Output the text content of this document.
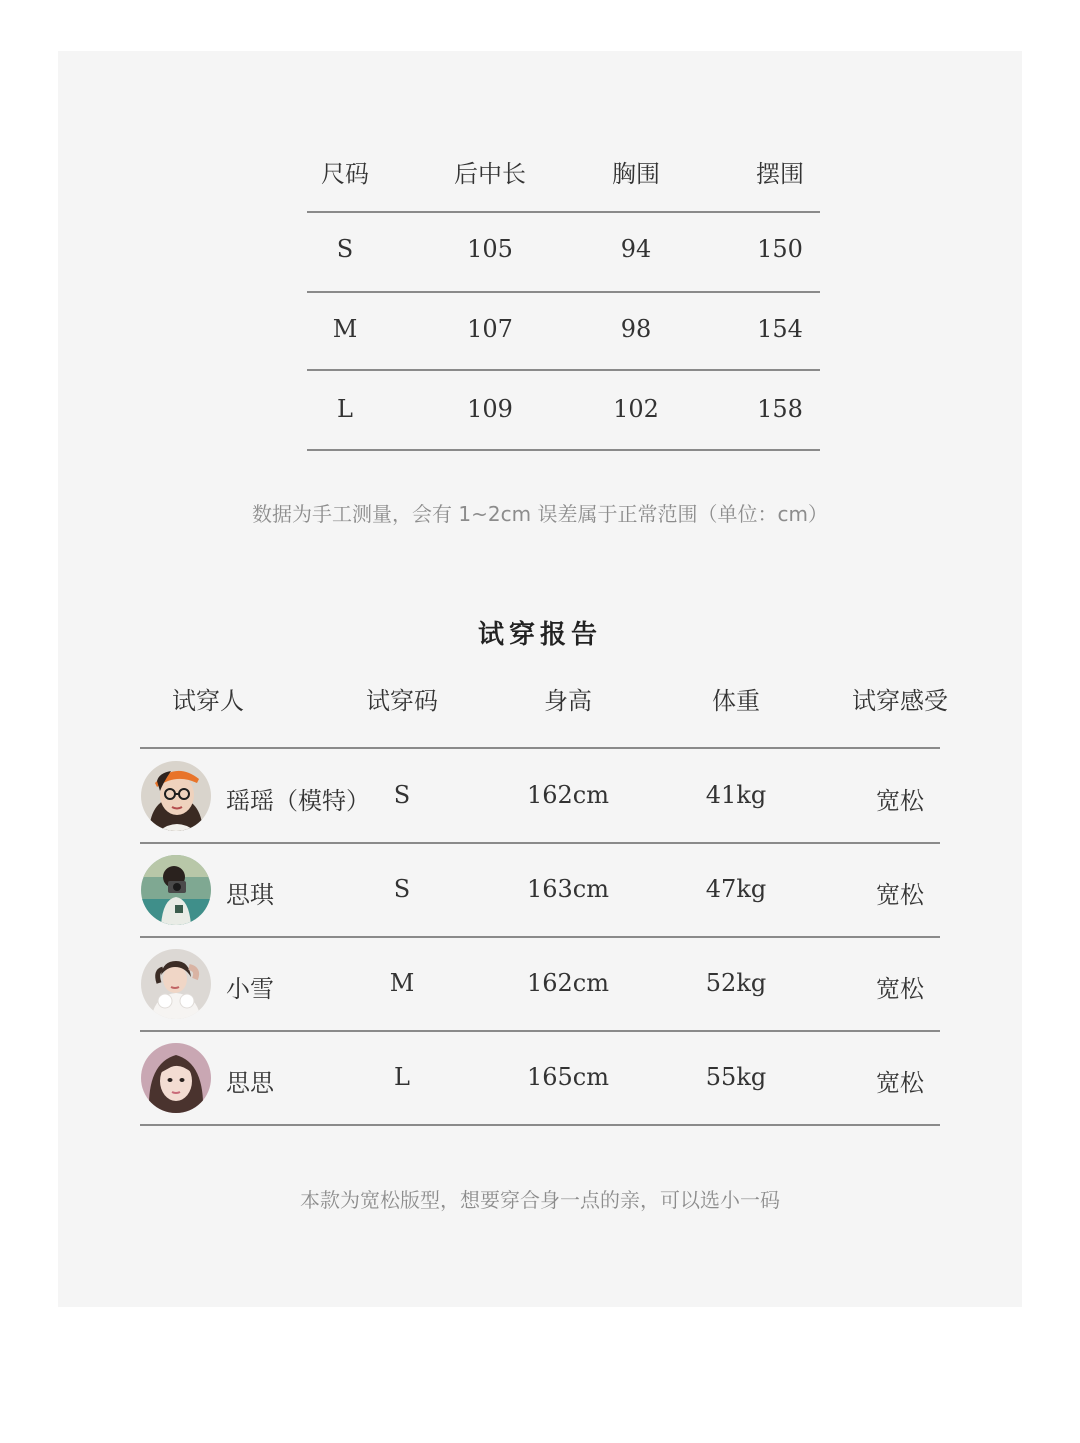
尺码	后中长	胸围	摆围
S	105	94	150
M	107	98	154
L	109	102	158
数据为手工测量，会有 1~2cm 误差属于正常范围（单位：cm）
试穿报告
试穿人	试穿码	身高	体重	试穿感受
瑶瑶（模特） S	162cm	41kg	宽松
思琪	S	163cm	47kg	宽松
小雪	M	162cm	52kg	宽松
思思	L	165cm	55kg	宽松
本款为宽松版型，想要穿合身一点的亲，可以选小一码
